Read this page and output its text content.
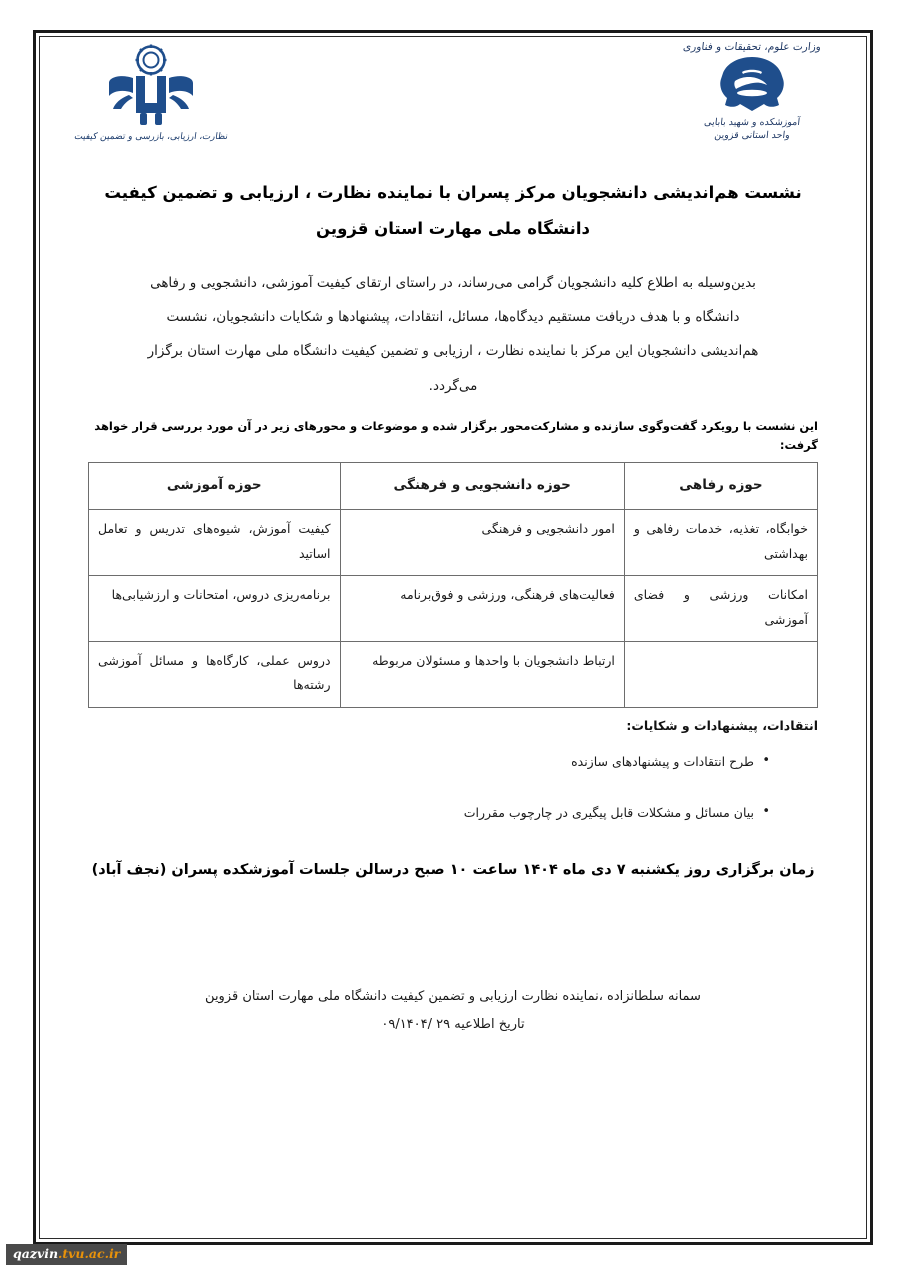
نظارت، ارزیابی، بازرسی و تضمین کیفیت
وزارت علوم، تحقیقات و فناوری
آموزشکده و شهید بابایی
واحد استانی قزوین
نشست هم‌اندیشی دانشجویان مرکز پسران با نماینده نظارت ، ارزیابی و تضمین کیفیت
دانشگاه ملی مهارت استان قزوین
بدین‌وسیله به اطلاع کلیه دانشجویان گرامی می‌رساند، در راستای ارتقای کیفیت آموزشی، دانشجویی و رفاهی
دانشگاه و با هدف دریافت مستقیم دیدگاه‌ها، مسائل، انتقادات، پیشنهادها و شکایات دانشجویان، نشست
هم‌اندیشی دانشجویان این مرکز با نماینده نظارت ، ارزیابی و تضمین کیفیت دانشگاه ملی مهارت استان برگزار
می‌گردد.
این نشست با رویکرد گفت‌وگوی سازنده و مشارکت‌محور برگزار شده و موضوعات و محورهای زیر در آن مورد بررسی قرار خواهد گرفت:
حوزه رفاهی	حوزه دانشجویی و فرهنگی	حوزه آموزشی
خوابگاه، تغذیه، خدمات رفاهی و بهداشتی	امور دانشجویی و فرهنگی	کیفیت آموزش، شیوه‌های تدریس و تعامل اساتید
امکانات ورزشی و فضای آموزشی	فعالیت‌های فرهنگی، ورزشی و فوق‌برنامه	برنامه‌ریزی دروس، امتحانات و ارزشیابی‌ها
	ارتباط دانشجویان با واحدها و مسئولان مربوطه	دروس عملی، کارگاه‌ها و مسائل آموزشی رشته‌ها
انتقادات، پیشنهادات و شکایات:
• طرح انتقادات و پیشنهادهای سازنده
• بیان مسائل و مشکلات قابل پیگیری در چارچوب مقررات
زمان برگزاری روز یکشنبه ۷ دی ماه ۱۴۰۴ ساعت ۱۰ صبح درسالن جلسات آموزشکده پسران (نجف آباد)
سمانه سلطانزاده ،نماینده نظارت ارزیابی و تضمین کیفیت دانشگاه ملی مهارت استان قزوین
تاریخ اطلاعیه ۲۹ /۰۹/۱۴۰۴
qazvin.tvu.ac.ir
